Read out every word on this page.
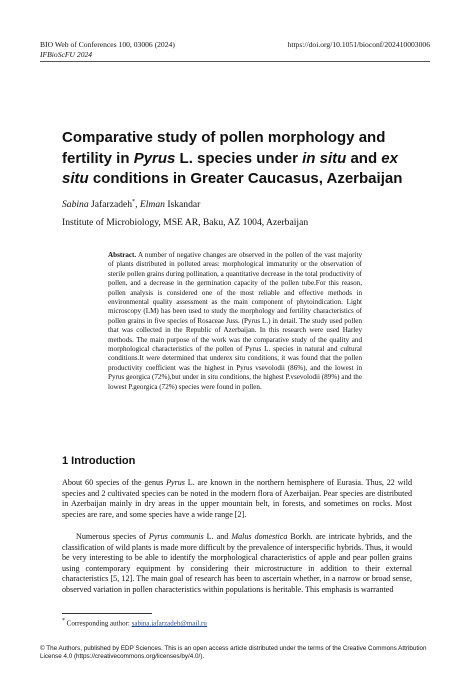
BIO Web of Conferences 100, 03006 (2024)
IFBioScFU 2024
https://doi.org/10.1051/bioconf/202410003006
Comparative study of pollen morphology and fertility in Pyrus L. species under in situ and ex situ conditions in Greater Caucasus, Azerbaijan
Sabina Jafarzadeh*, Elman Iskandar
Institute of Microbiology, MSE AR, Baku, AZ 1004, Azerbaijan
Abstract. A number of negative changes are observed in the pollen of the vast majority of plants distributed in polluted areas: morphological immaturity or the observation of sterile pollen grains during pollination, a quantitative decrease in the total productivity of pollen, and a decrease in the germination capacity of the pollen tube.For this reason, pollen analysis is considered one of the most reliable and effective methods in environmental quality assessment as the main component of phytoindication. Light microscopy (LM) has been used to study the morphology and fertility characteristics of pollen grains in five species of Rosaceae Juss. (Pyrus L.) in detail. The study used pollen that was collected in the Republic of Azerbaijan. In this research were used Harley methods. The main purpose of the work was the comparative study of the quality and morphological characteristics of the pollen of Pyrus L. species in natural and cultural conditions.It were determined that underex situ conditions, it was found that the pollen productivity coefficient was the highest in Pyrus vsevolodii (86%), and the lowest in Pyrus georgica (72%),but under in situ conditions, the highest P.vsevolodii (89%) and the lowest P.georgica (72%) species were found in pollen.
1 Introduction
About 60 species of the genus Pyrus L. are known in the northern hemisphere of Eurasia. Thus, 22 wild species and 2 cultivated species can be noted in the modern flora of Azerbaijan. Pear species are distributed in Azerbaijan mainly in dry areas in the upper mountain belt, in forests, and sometimes on rocks. Most species are rare, and some species have a wide range [2].
Numerous species of Pyrus communis L. and Malus domestica Borkh. are intricate hybrids, and the classification of wild plants is made more difficult by the prevalence of interspecific hybrids. Thus, it would be very interesting to be able to identify the morphological characteristics of apple and pear pollen grains using contemporary equipment by considering their microstructure in addition to their external characteristics [5, 12]. The main goal of research has been to ascertain whether, in a narrow or broad sense, observed variation in pollen characteristics within populations is heritable. This emphasis is warranted
* Corresponding author: sabina.jafarzadeh@mail.ru
© The Authors, published by EDP Sciences. This is an open access article distributed under the terms of the Creative Commons Attribution License 4.0 (https://creativecommons.org/licenses/by/4.0/).
